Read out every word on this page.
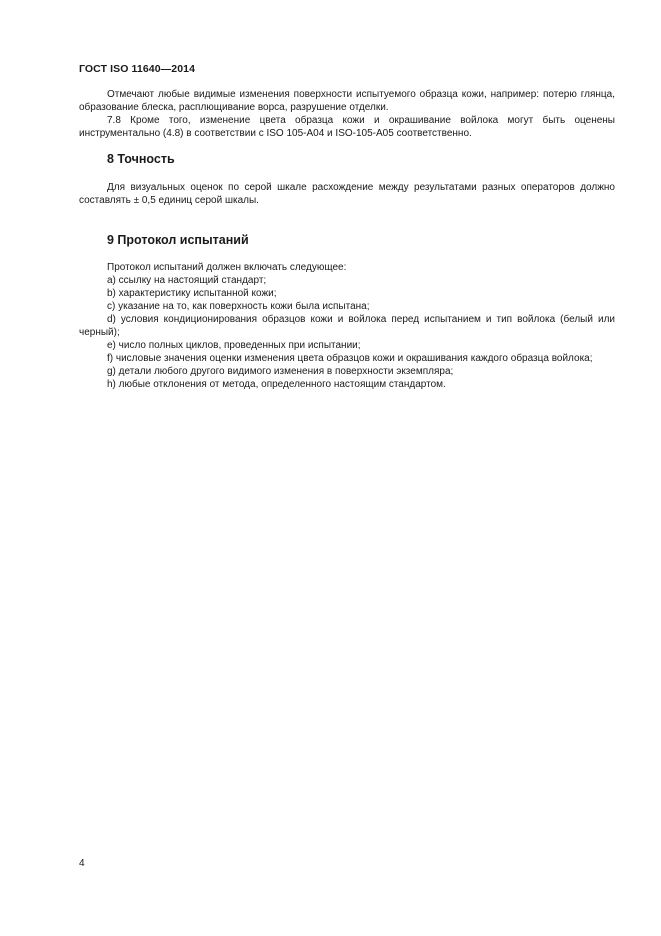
ГОСТ ISO 11640—2014

Отмечают любые видимые изменения поверхности испытуемого образца кожи, например: потерю глянца, образование блеска, расплющивание ворса, разрушение отделки.

7.8 Кроме того, изменение цвета образца кожи и окрашивание войлока могут быть оценены инструментально (4.8) в соответствии с ISO 105-A04 и ISO-105-A05 соответственно.

8 Точность

Для визуальных оценок по серой шкале расхождение между результатами разных операторов должно составлять ± 0,5 единиц серой шкалы.

9 Протокол испытаний

Протокол испытаний должен включать следующее:

a) ссылку на настоящий стандарт;
b) характеристику испытанной кожи;
c) указание на то, как поверхность кожи была испытана;
d) условия кондиционирования образцов кожи и войлока перед испытанием и тип войлока (белый или черный);
e) число полных циклов, проведенных при испытании;
f) числовые значения оценки изменения цвета образцов кожи и окрашивания каждого образца войлока;
g) детали любого другого видимого изменения в поверхности экземпляра;
h) любые отклонения от метода, определенного настоящим стандартом.
4
